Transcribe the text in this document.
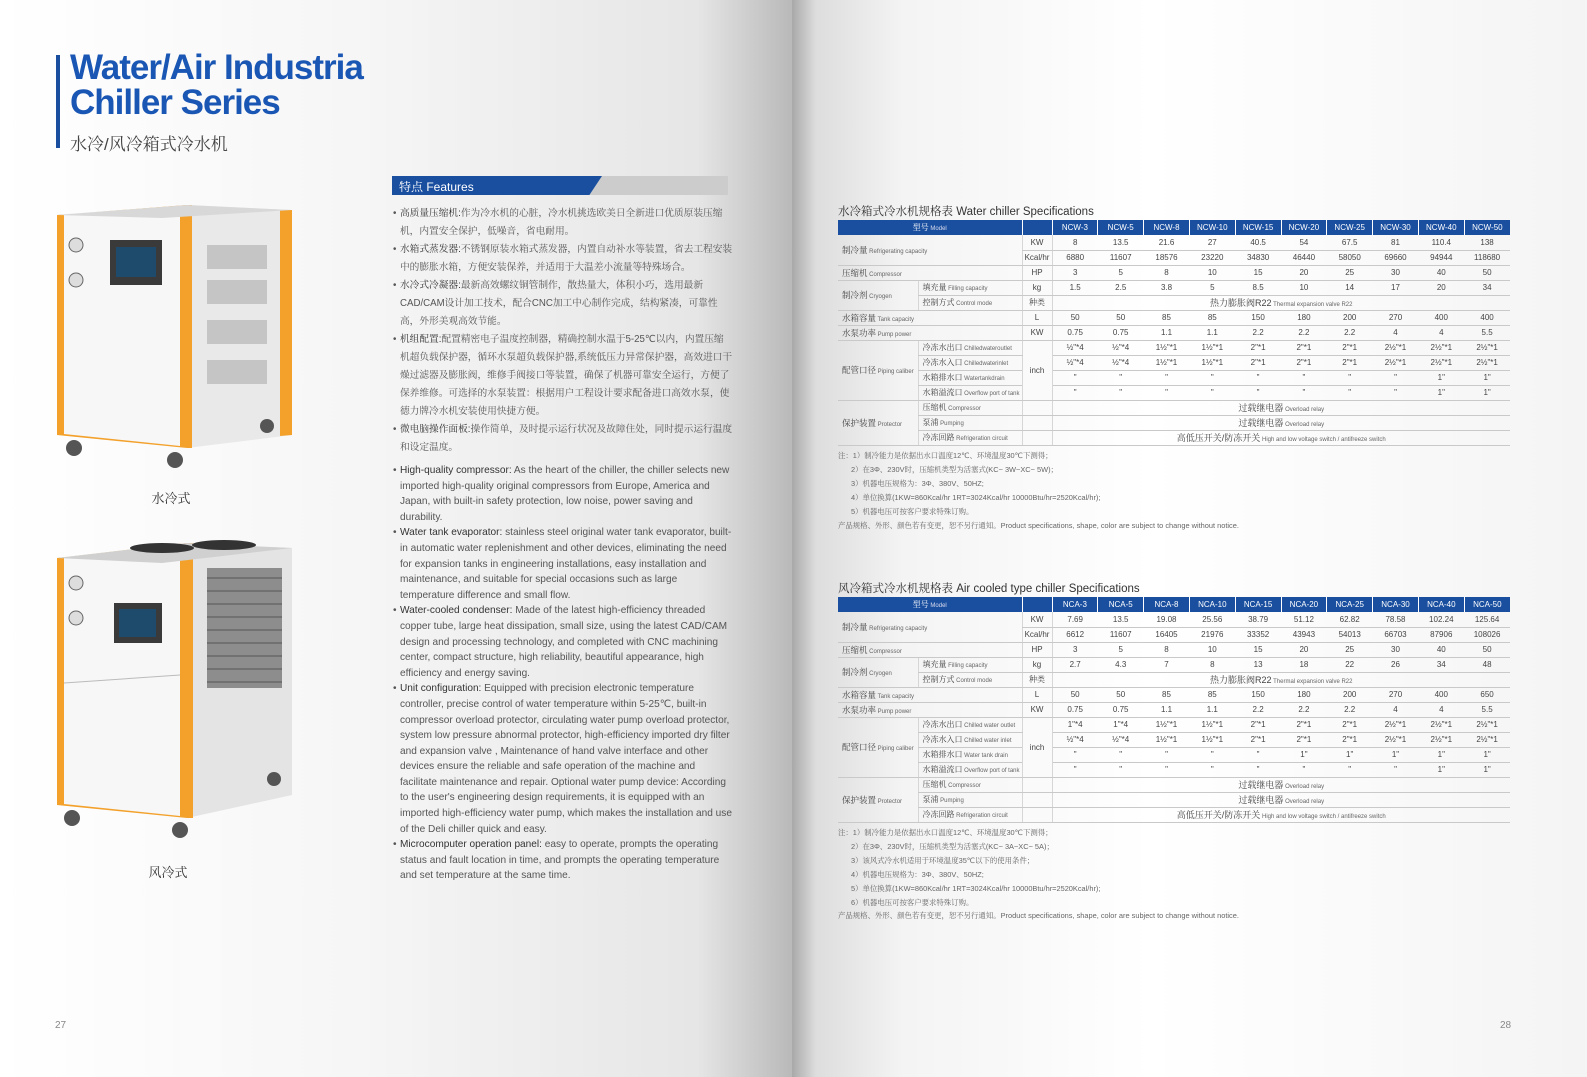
Water/Air Industria
Chiller Series
水冷/风冷箱式冷水机
水冷式
风冷式
特点 Features
• 高质量压缩机:作为冷水机的心脏，冷水机挑选欧美日全新进口优质原装压缩机，内置安全保护，低噪音，省电耐用。
• 水箱式蒸发器:不锈钢原装水箱式蒸发器，内置自动补水等装置，省去工程安装中的膨胀水箱，方便安装保养，并适用于大温差小流量等特殊场合。
• 水冷式冷凝器:最新高效螺纹铜管制作，散热量大，体积小巧，选用最新CAD/CAM设计加工技术，配合CNC加工中心制作完成，结构紧凑，可靠性高，外形美观高效节能。
• 机组配置:配置精密电子温度控制器，精确控制水温于5-25℃以内，内置压缩机超负载保护器，循环水泵超负载保护器,系统低压力异常保护器，高效进口干燥过滤器及膨胀阀，维修手阀接口等装置，确保了机器可靠安全运行，方便了保养维修。可选择的水泵装置：根据用户工程设计要求配备进口高效水泵，使德力牌冷水机安装使用快捷方便。
• 微电脑操作面板:操作简单，及时提示运行状况及故障住处，同时提示运行温度和设定温度。
• High-quality compressor: As the heart of the chiller, the chiller selects new imported high-quality original compressors from Europe, America and Japan, with built-in safety protection, low noise, power saving and durability.
• Water tank evaporator: stainless steel original water tank evaporator, built-in automatic water replenishment and other devices, eliminating the need for expansion tanks in engineering installations, easy installation and maintenance, and suitable for special occasions such as large temperature difference and small flow.
• Water-cooled condenser: Made of the latest high-efficiency threaded copper tube, large heat dissipation, small size, using the latest CAD/CAM design and processing technology, and completed with CNC machining center, compact structure, high reliability, beautiful appearance, high efficiency and energy saving.
• Unit configuration: Equipped with precision electronic temperature controller, precise control of water temperature within 5-25℃, built-in compressor overload protector, circulating water pump overload protector, system low pressure abnormal protector, high-efficiency imported dry filter and expansion valve , Maintenance of hand valve interface and other devices ensure the reliable and safe operation of the machine and facilitate maintenance and repair. Optional water pump device: According to the user's engineering design requirements, it is equipped with an imported high-efficiency water pump, which makes the installation and use of the Deli chiller quick and easy.
• Microcomputer operation panel: easy to operate, prompts the operating status and fault location in time, and prompts the operating temperature and set temperature at the same time.
27
水冷箱式冷水机规格表 Water chiller Specifications
型号 Model			NCW-3	NCW-5	NCW-8	NCW-10	NCW-15	NCW-20	NCW-25	NCW-30	NCW-40	NCW-50
制冷量 Refrigerating capacity		KW	8	13.5	21.6	27	40.5	54	67.5	81	110.4	138
		Kcal/hr	6880	11607	18576	23220	34830	46440	58050	69660	94944	118680
压缩机 Compressor		HP	3	5	8	10	15	20	25	30	40	50
制冷剂 Cryogen	填充量 Filling capacity	kg	1.5	2.5	3.8	5	8.5	10	14	17	20	34
	控制方式 Control mode	种类	热力膨胀阀R22 Thermal expansion valve R22									
水箱容量 Tank capacity		L	50	50	85	85	150	180	200	270	400	400
水泵功率 Pump power		KW	0.75	0.75	1.1	1.1	2.2	2.2	2.2	4	4	5.5
配管口径 Piping caliber	冷冻水出口 Chilledwateroutlet	inch	½"*4	½"*4	1½"*1	1½"*1	2"*1	2"*1	2"*1	2½"*1	2½"*1	2½"*1
	冷冻水入口 Chilledwaterinlet		½"*4	½"*4	1½"*1	1½"*1	2"*1	2"*1	2"*1	2½"*1	2½"*1	2½"*1
	水箱排水口 Watertankdrain		"	"	"	"	"	"	"	"	1"	1"
	水箱溢流口 Overflow port of tank		"	"	"	"	"	"	"	"	1"	1"
保护装置 Protector	压缩机 Compressor		过载继电器 Overload relay									
	泵浦 Pumping		过载继电器 Overload relay									
	冷冻回路 Refrigeration circuit		高低压开关/防冻开关 High and low voltage switch / antifreeze switch									
注：1）制冷能力是依据出水口温度12℃、环境温度30℃下测得；
2）在3Φ、230V时，压缩机类型为活塞式(KC~ 3W~XC~ 5W)；
3）机器电压规格为：3Φ、380V、50HZ;
4）单位换算(1KW=860Kcal/hr 1RT=3024Kcal/hr 10000Btu/hr=2520Kcal/hr);
5）机器电压可按客户要求特殊订购。
产品规格、外形、颜色若有变更，恕不另行通知。Product specifications, shape, color are subject to change without notice.
风冷箱式冷水机规格表 Air cooled type chiller Specifications
型号 Model			NCA-3	NCA-5	NCA-8	NCA-10	NCA-15	NCA-20	NCA-25	NCA-30	NCA-40	NCA-50
制冷量 Refrigerating capacity		KW	7.69	13.5	19.08	25.56	38.79	51.12	62.82	78.58	102.24	125.64
		Kcal/hr	6612	11607	16405	21976	33352	43943	54013	66703	87906	108026
压缩机 Compressor		HP	3	5	8	10	15	20	25	30	40	50
制冷剂 Cryogen	填充量 Filling capacity	kg	2.7	4.3	7	8	13	18	22	26	34	48
	控制方式 Control mode	种类	热力膨胀阀R22 Thermal expansion valve R22									
水箱容量 Tank capacity		L	50	50	85	85	150	180	200	270	400	650
水泵功率 Pump power		KW	0.75	0.75	1.1	1.1	2.2	2.2	2.2	4	4	5.5
配管口径 Piping caliber	冷冻水出口 Chilled water outlet	inch	1"*4	1"*4	1½"*1	1½"*1	2"*1	2"*1	2"*1	2½"*1	2½"*1	2½"*1
	冷冻水入口 Chilled water inlet		½"*4	½"*4	1½"*1	1½"*1	2"*1	2"*1	2"*1	2½"*1	2½"*1	2½"*1
	水箱排水口 Water tank drain		"	"	"	"	"	1"	1"	1"	1"	1"
	水箱溢流口 Overflow port of tank		"	"	"	"	"	"	"	"	1"	1"
保护装置 Protector	压缩机 Compressor		过载继电器 Overload relay									
	泵浦 Pumping		过载继电器 Overload relay									
	冷冻回路 Refrigeration circuit		高低压开关/防冻开关 High and low voltage switch / antifreeze switch									
注：1）制冷能力是依据出水口温度12℃、环境温度30℃下测得；
2）在3Φ、230V时，压缩机类型为活塞式(KC~ 3A~XC~ 5A)；
3）该风式冷水机适用于环境温度35℃以下的使用条件；
4）机器电压规格为：3Φ、380V、50HZ;
5）单位换算(1KW=860Kcal/hr 1RT=3024Kcal/hr 10000Btu/hr=2520Kcal/hr);
6）机器电压可按客户要求特殊订购。
产品规格、外形、颜色若有变更，恕不另行通知。Product specifications, shape, color are subject to change without notice.
28
